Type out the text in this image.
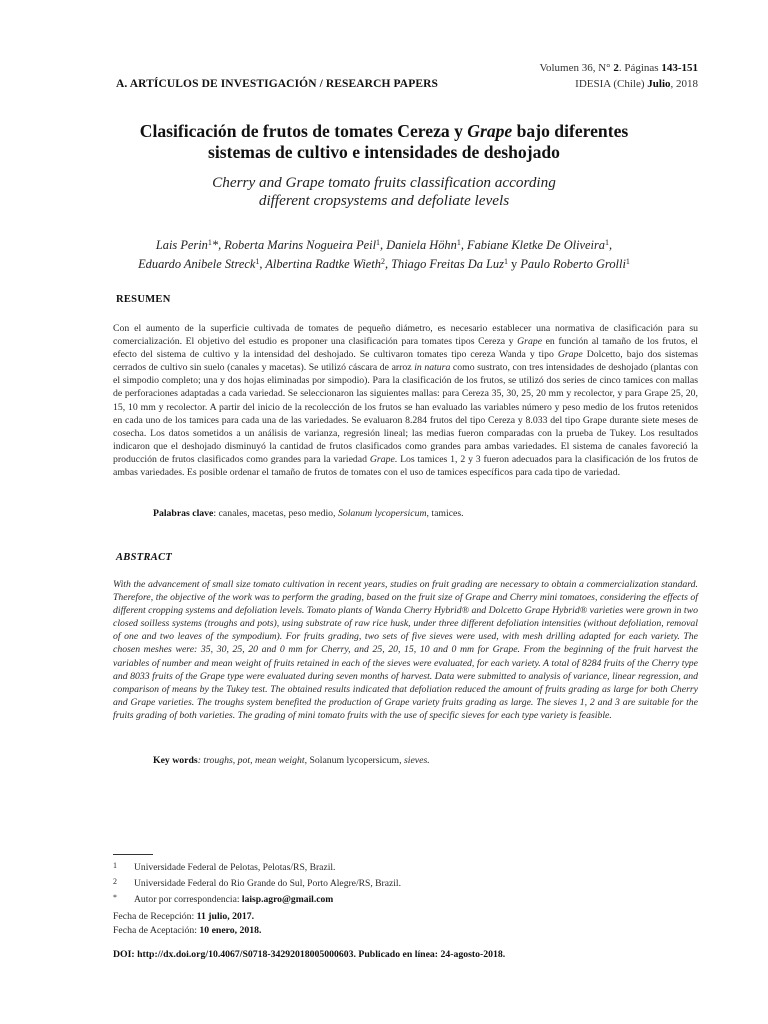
Volumen 36, N° 2. Páginas 143-151
IDESIA (Chile) Julio, 2018
A. ARTÍCULOS DE INVESTIGACIÓN / RESEARCH PAPERS
Clasificación de frutos de tomates Cereza y Grape bajo diferentes
sistemas de cultivo e intensidades de deshojado
Cherry and Grape tomato fruits classification according
different cropsystems and defoliate levels
Lais Perin$^1$*, Roberta Marins Nogueira Peil$^1$, Daniela Höhn$^1$, Fabiane Kletke De Oliveira$^1$,
Eduardo Anibele Streck$^1$, Albertina Radtke Wieth$^2$, Thiago Freitas Da Luz$^1$ y Paulo Roberto Grolli$^1$
RESUMEN
Con el aumento de la superficie cultivada de tomates de pequeño diámetro, es necesario establecer una normativa de clasificación para su comercialización. El objetivo del estudio es proponer una clasificación para tomates tipos Cereza y Grape en función al tamaño de los frutos, el efecto del sistema de cultivo y la intensidad del deshojado. Se cultivaron tomates tipo cereza Wanda y tipo Grape Dolcetto, bajo dos sistemas cerrados de cultivo sin suelo (canales y macetas). Se utilizó cáscara de arroz in natura como sustrato, con tres intensidades de deshojado (plantas con el simpodio completo; una y dos hojas eliminadas por simpodio). Para la clasificación de los frutos, se utilizó dos series de cinco tamices con mallas de perforaciones adaptadas a cada variedad. Se seleccionaron las siguientes mallas: para Cereza 35, 30, 25, 20 mm y recolector, y para Grape 25, 20, 15, 10 mm y recolector. A partir del inicio de la recolección de los frutos se han evaluado las variables número y peso medio de los frutos retenidos en cada uno de los tamices para cada una de las variedades. Se evaluaron 8.284 frutos del tipo Cereza y 8.033 del tipo Grape durante siete meses de cosecha. Los datos sometidos a un análisis de varianza, regresión lineal; las medias fueron comparadas con la prueba de Tukey. Los resultados indicaron que el deshojado disminuyó la cantidad de frutos clasificados como grandes para ambas variedades. El sistema de canales favoreció la producción de frutos clasificados como grandes para la variedad Grape. Los tamices 1, 2 y 3 fueron adecuados para la clasificación de los frutos de ambas variedades. Es posible ordenar el tamaño de frutos de tomates con el uso de tamices específicos para cada tipo de variedad.
Palabras clave: canales, macetas, peso medio, Solanum lycopersicum, tamices.
ABSTRACT
With the advancement of small size tomato cultivation in recent years, studies on fruit grading are necessary to obtain a commercialization standard. Therefore, the objective of the work was to perform the grading, based on the fruit size of Grape and Cherry mini tomatoes, considering the effects of different cropping systems and defoliation levels. Tomato plants of Wanda Cherry Hybrid® and Dolcetto Grape Hybrid® varieties were grown in two closed soilless systems (troughs and pots), using substrate of raw rice husk, under three different defoliation intensities (without defoliation, removal of one and two leaves of the sympodium). For fruits grading, two sets of five sieves were used, with mesh drilling adapted for each variety. The chosen meshes were: 35, 30, 25, 20 and 0 mm for Cherry, and 25, 20, 15, 10 and 0 mm for Grape. From the beginning of the fruit harvest the variables of number and mean weight of fruits retained in each of the sieves were evaluated, for each variety. A total of 8284 fruits of the Cherry type and 8033 fruits of the Grape type were evaluated during seven months of harvest. Data were submitted to analysis of variance, linear regression, and comparison of means by the Tukey test. The obtained results indicated that defoliation reduced the amount of fruits grading as large for both Cherry and Grape varieties. The troughs system benefited the production of Grape variety fruits grading as large. The sieves 1, 2 and 3 are suitable for the fruits grading of both varieties. The grading of mini tomato fruits with the use of specific sieves for each type variety is feasible.
Key words: troughs, pot, mean weight, Solanum lycopersicum, sieves.
1 Universidade Federal de Pelotas, Pelotas/RS, Brazil.
2 Universidade Federal do Rio Grande do Sul, Porto Alegre/RS, Brazil.
* Autor por correspondencia: laisp.agro@gmail.com
Fecha de Recepción: 11 julio, 2017.
Fecha de Aceptación: 10 enero, 2018.
DOI: http://dx.doi.org/10.4067/S0718-34292018005000603. Publicado en línea: 24-agosto-2018.
